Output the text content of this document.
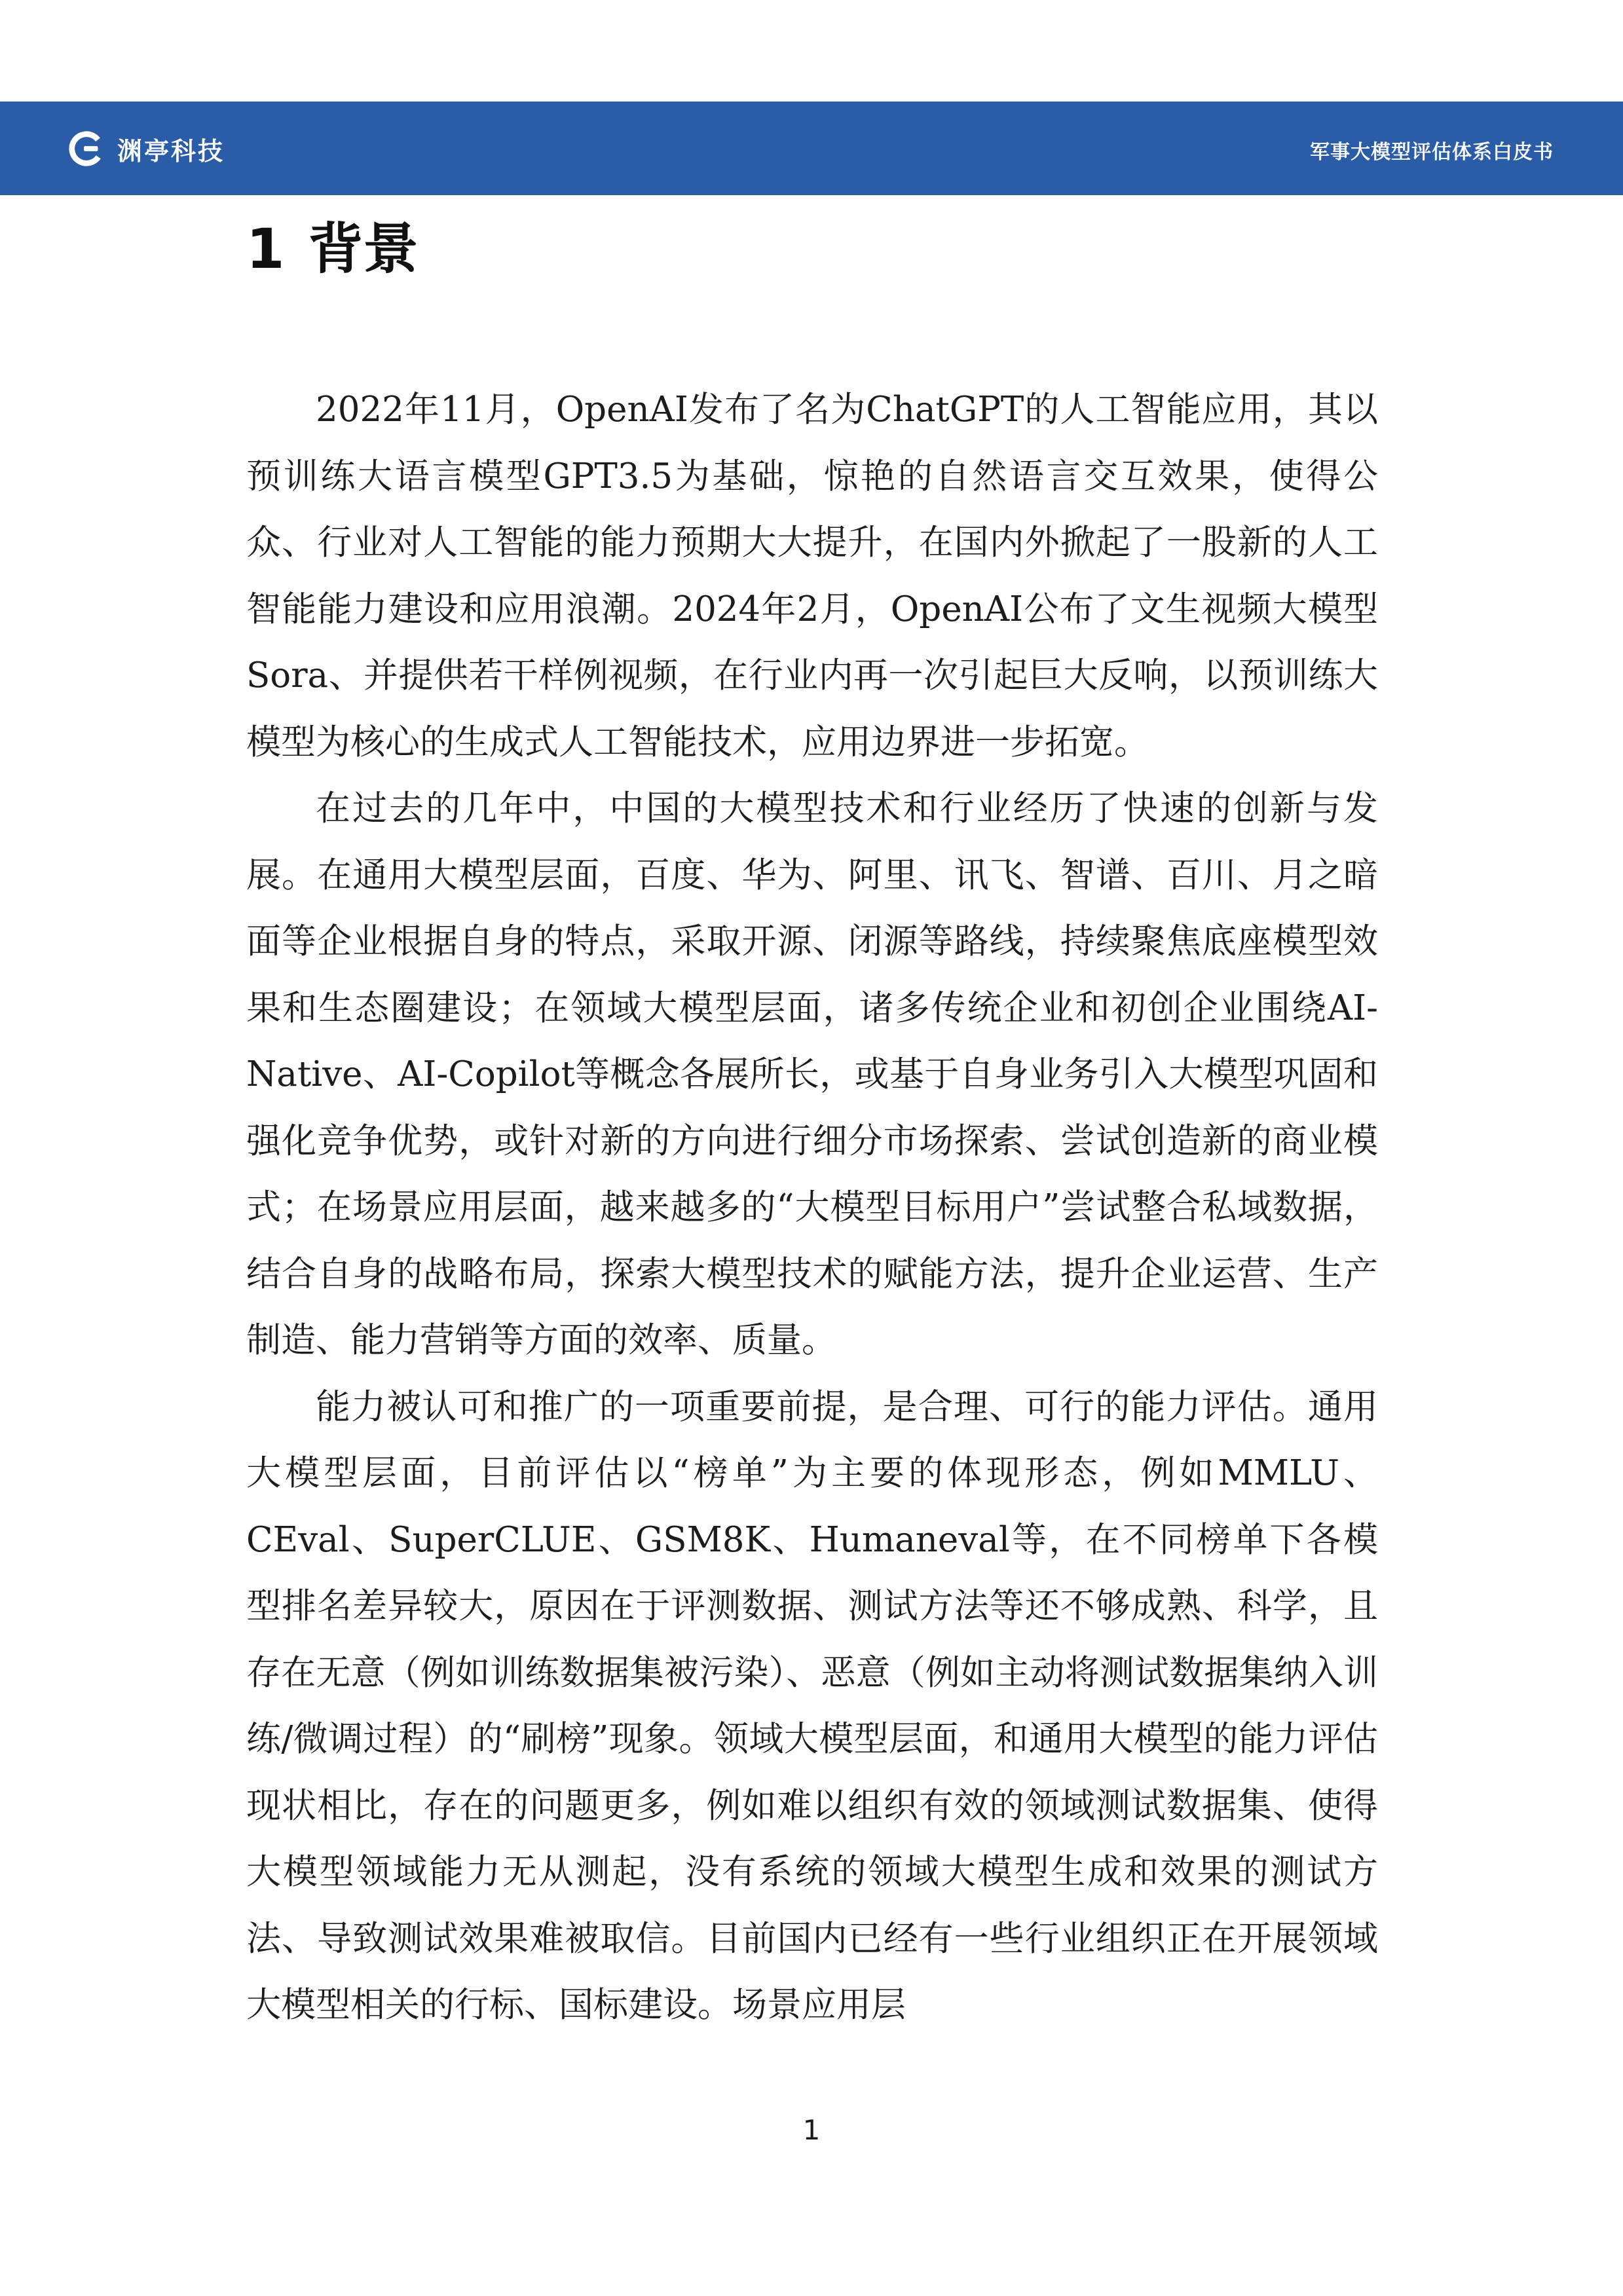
渊亭科技	军事大模型评估体系白皮书
1 背景

2022年11月，OpenAI发布了名为ChatGPT的人工智能应用，其以预训练大语言模型GPT3.5为基础，惊艳的自然语言交互效果，使得公众、行业对人工智能的能力预期大大提升，在国内外掀起了一股新的人工智能能力建设和应用浪潮。2024年2月，OpenAI公布了文生视频大模型Sora、并提供若干样例视频，在行业内再一次引起巨大反响，以预训练大模型为核心的生成式人工智能技术，应用边界进一步拓宽。

在过去的几年中，中国的大模型技术和行业经历了快速的创新与发展。在通用大模型层面，百度、华为、阿里、讯飞、智谱、百川、月之暗面等企业根据自身的特点，采取开源、闭源等路线，持续聚焦底座模型效果和生态圈建设；在领域大模型层面，诸多传统企业和初创企业围绕AI-Native、AI-Copilot等概念各展所长，或基于自身业务引入大模型巩固和强化竞争优势，或针对新的方向进行细分市场探索、尝试创造新的商业模式；在场景应用层面，越来越多的“大模型目标用户”尝试整合私域数据，结合自身的战略布局，探索大模型技术的赋能方法，提升企业运营、生产制造、能力营销等方面的效率、质量。

能力被认可和推广的一项重要前提，是合理、可行的能力评估。通用大模型层面，目前评估以“榜单”为主要的体现形态，例如MMLU、CEval、SuperCLUE、GSM8K、Humaneval等，在不同榜单下各模型排名差异较大，原因在于评测数据、测试方法等还不够成熟、科学，且存在无意（例如训练数据集被污染）、恶意（例如主动将测试数据集纳入训练/微调过程）的“刷榜”现象。领域大模型层面，和通用大模型的能力评估现状相比，存在的问题更多，例如难以组织有效的领域测试数据集、使得大模型领域能力无从测起，没有系统的领域大模型生成和效果的测试方法、导致测试效果难被取信。目前国内已经有一些行业组织正在开展领域大模型相关的行标、国标建设。场景应用层

1
